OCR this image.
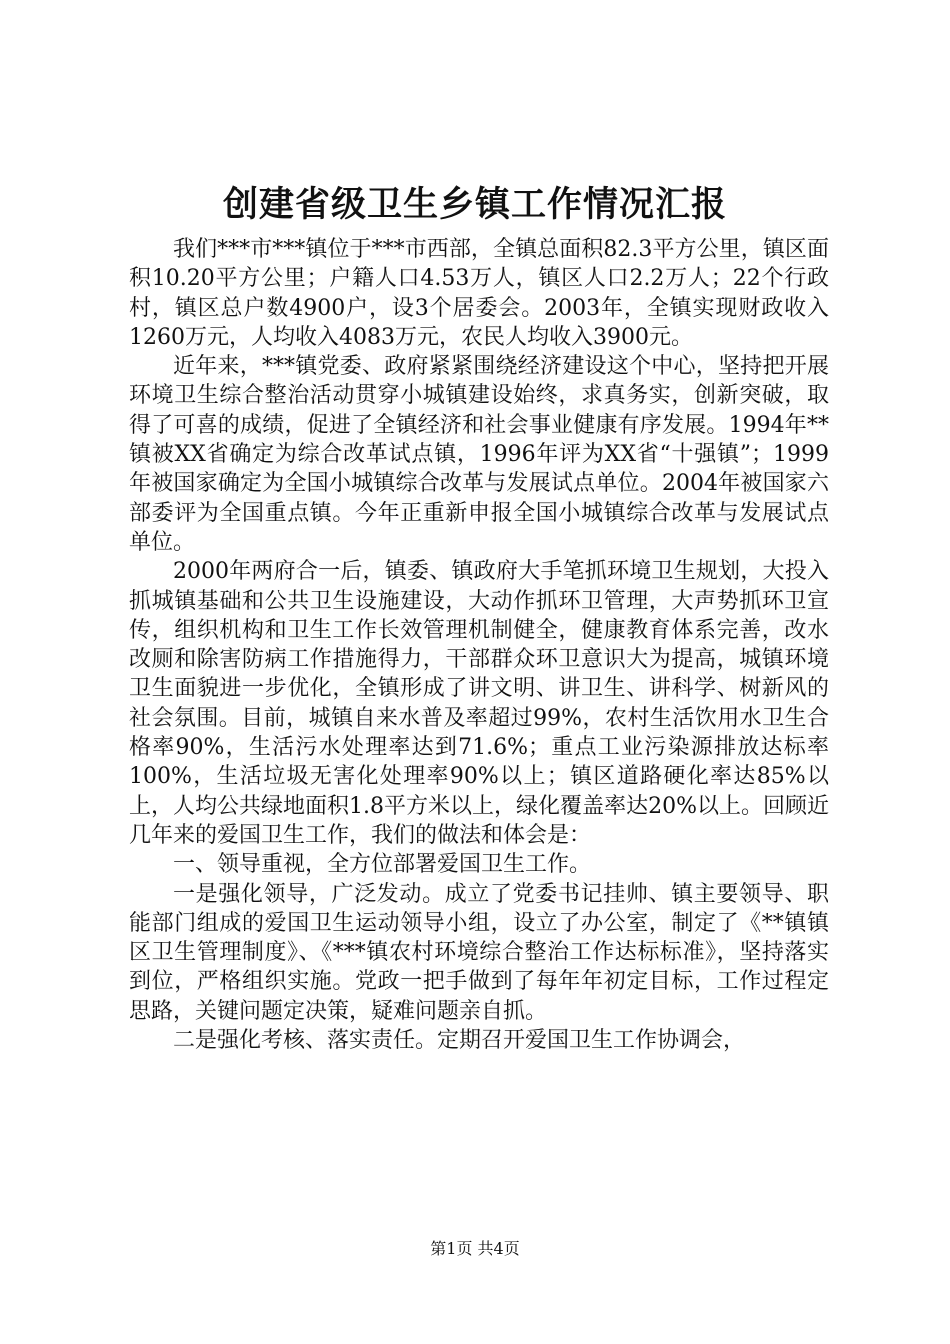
创建省级卫生乡镇工作情况汇报

我们***市***镇位于***市西部，全镇总面积82.3平方公里，镇区面积10.20平方公里；户籍人口4.53万人，镇区人口2.2万人；22个行政村，镇区总户数4900户，设3个居委会。2003年，全镇实现财政收入1260万元，人均收入4083万元，农民人均收入3900元。

近年来，***镇党委、政府紧紧围绕经济建设这个中心，坚持把开展环境卫生综合整治活动贯穿小城镇建设始终，求真务实，创新突破，取得了可喜的成绩，促进了全镇经济和社会事业健康有序发展。1994年**镇被XX省确定为综合改革试点镇，1996年评为XX省“十强镇”；1999年被国家确定为全国小城镇综合改革与发展试点单位。2004年被国家六部委评为全国重点镇。今年正重新申报全国小城镇综合改革与发展试点单位。

2000年两府合一后，镇委、镇政府大手笔抓环境卫生规划，大投入抓城镇基础和公共卫生设施建设，大动作抓环卫管理，大声势抓环卫宣传，组织机构和卫生工作长效管理机制健全，健康教育体系完善，改水改厕和除害防病工作措施得力，干部群众环卫意识大为提高，城镇环境卫生面貌进一步优化，全镇形成了讲文明、讲卫生、讲科学、树新风的社会氛围。目前，城镇自来水普及率超过99%，农村生活饮用水卫生合格率90%，生活污水处理率达到71.6%；重点工业污染源排放达标率100%，生活垃圾无害化处理率90%以上；镇区道路硬化率达85%以上，人均公共绿地面积1.8平方米以上，绿化覆盖率达20%以上。回顾近几年来的爱国卫生工作，我们的做法和体会是：

一、领导重视，全方位部署爱国卫生工作。

一是强化领导，广泛发动。成立了党委书记挂帅、镇主要领导、职能部门组成的爱国卫生运动领导小组，设立了办公室，制定了《**镇镇区卫生管理制度》、《***镇农村环境综合整治工作达标标准》，坚持落实到位，严格组织实施。党政一把手做到了每年年初定目标，工作过程定思路，关键问题定决策，疑难问题亲自抓。

二是强化考核、落实责任。定期召开爱国卫生工作协调会，

第1页 共4页
